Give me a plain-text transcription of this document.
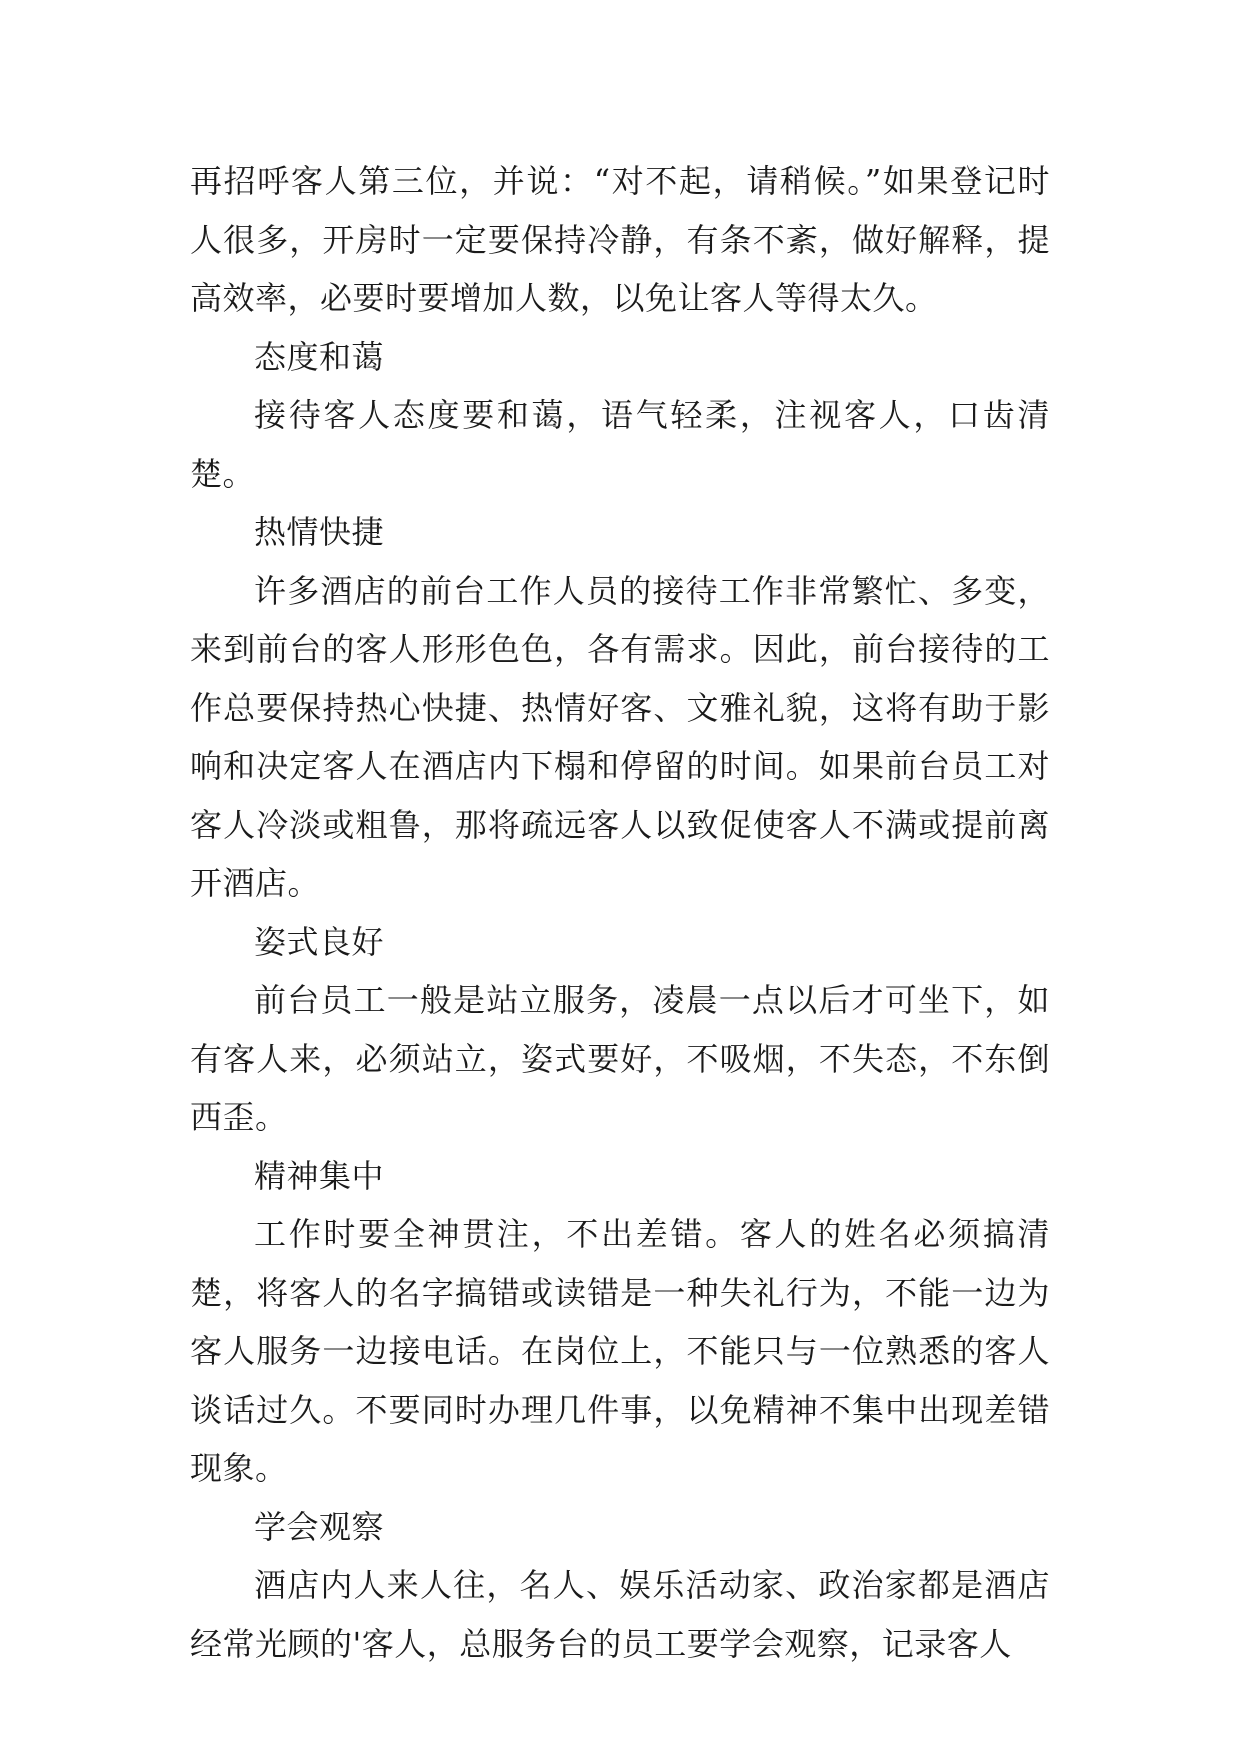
再招呼客人第三位，并说：“对不起，请稍候。”如果登记时人很多，开房时一定要保持冷静，有条不紊，做好解释，提高效率，必要时要增加人数，以免让客人等得太久。

态度和蔼

接待客人态度要和蔼，语气轻柔，注视客人，口齿清楚。

热情快捷

许多酒店的前台工作人员的接待工作非常繁忙、多变，来到前台的客人形形色色，各有需求。因此，前台接待的工作总要保持热心快捷、热情好客、文雅礼貌，这将有助于影响和决定客人在酒店内下榻和停留的时间。如果前台员工对客人冷淡或粗鲁，那将疏远客人以致促使客人不满或提前离开酒店。

姿式良好

前台员工一般是站立服务，凌晨一点以后才可坐下，如有客人来，必须站立，姿式要好，不吸烟，不失态，不东倒西歪。

精神集中

工作时要全神贯注，不出差错。客人的姓名必须搞清楚，将客人的名字搞错或读错是一种失礼行为，不能一边为客人服务一边接电话。在岗位上，不能只与一位熟悉的客人谈话过久。不要同时办理几件事，以免精神不集中出现差错现象。

学会观察

酒店内人来人往，名人、娱乐活动家、政治家都是酒店经常光顾的'客人，总服务台的员工要学会观察，记录客人
